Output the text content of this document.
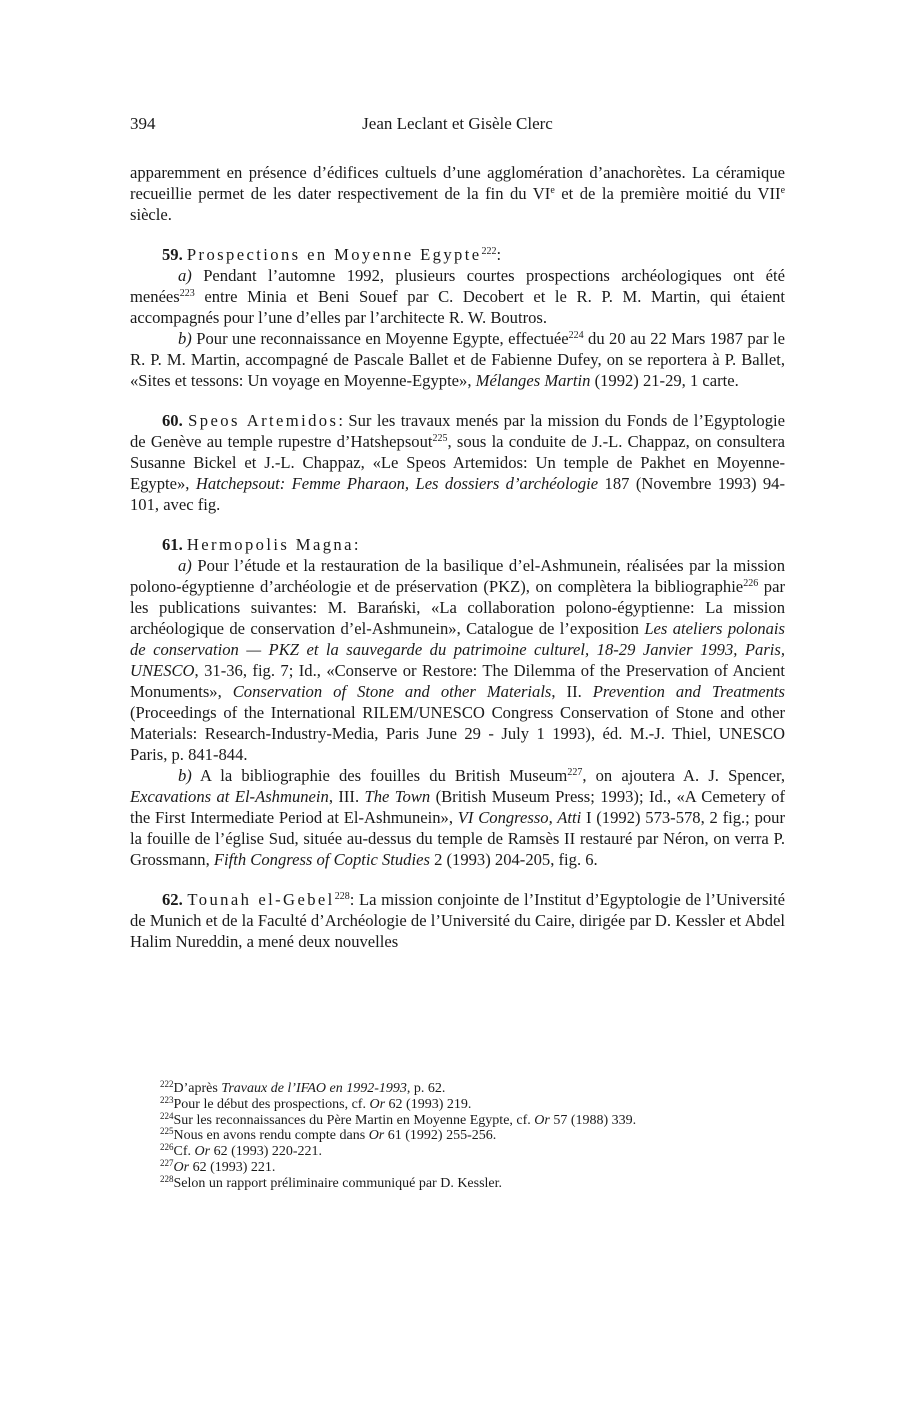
394	Jean Leclant et Gisèle Clerc

apparemment en présence d’édifices cultuels d’une agglomération d’anachorètes. La céramique recueillie permet de les dater respectivement de la fin du VIe et de la première moitié du VIIe siècle.

59. Prospections en Moyenne Egypte$^{222}$:

a) Pendant l’automne 1992, plusieurs courtes prospections archéologiques ont été menées$^{223}$ entre Minia et Beni Souef par C. Decobert et le R. P. M. Martin, qui étaient accompagnés pour l’une d’elles par l’architecte R. W. Boutros.

b) Pour une reconnaissance en Moyenne Egypte, effectuée$^{224}$ du 20 au 22 Mars 1987 par le R. P. M. Martin, accompagné de Pascale Ballet et de Fabienne Dufey, on se reportera à P. Ballet, «Sites et tessons: Un voyage en Moyenne-Egypte», Mélanges Martin (1992) 21-29, 1 carte.

60. Speos Artemidos: Sur les travaux menés par la mission du Fonds de l’Egyptologie de Genève au temple rupestre d’Hatshepsout$^{225}$, sous la conduite de J.-L. Chappaz, on consultera Susanne Bickel et J.-L. Chappaz, «Le Speos Artemidos: Un temple de Pakhet en Moyenne-Egypte», Hatchepsout: Femme Pharaon, Les dossiers d’archéologie 187 (Novembre 1993) 94-101, avec fig.

61. Hermopolis Magna:

a) Pour l’étude et la restauration de la basilique d’el-Ashmunein, réalisées par la mission polono-égyptienne d’archéologie et de préservation (PKZ), on complètera la bibliographie$^{226}$ par les publications suivantes: M. Barański, «La collaboration polono-égyptienne: La mission archéologique de conservation d’el-Ashmunein», Catalogue de l’exposition Les ateliers polonais de conservation — PKZ et la sauvegarde du patrimoine culturel, 18-29 Janvier 1993, Paris, UNESCO, 31-36, fig. 7; Id., «Conserve or Restore: The Dilemma of the Preservation of Ancient Monuments», Conservation of Stone and other Materials, II. Prevention and Treatments (Proceedings of the International RILEM/UNESCO Congress Conservation of Stone and other Materials: Research-Industry-Media, Paris June 29 - July 1 1993), éd. M.-J. Thiel, UNESCO Paris, p. 841-844.

b) A la bibliographie des fouilles du British Museum$^{227}$, on ajoutera A. J. Spencer, Excavations at El-Ashmunein, III. The Town (British Museum Press; 1993); Id., «A Cemetery of the First Intermediate Period at El-Ashmunein», VI Congresso, Atti I (1992) 573-578, 2 fig.; pour la fouille de l’église Sud, située au-dessus du temple de Ramsès II restauré par Néron, on verra P. Grossmann, Fifth Congress of Coptic Studies 2 (1993) 204-205, fig. 6.

62. Tounah el-Gebel$^{228}$: La mission conjointe de l’Institut d’Egyptologie de l’Université de Munich et de la Faculté d’Archéologie de l’Université du Caire, dirigée par D. Kessler et Abdel Halim Nureddin, a mené deux nouvelles

$^{222}$D’après Travaux de l’IFAO en 1992-1993, p. 62.

$^{223}$Pour le début des prospections, cf. Or 62 (1993) 219.

$^{224}$Sur les reconnaissances du Père Martin en Moyenne Egypte, cf. Or 57 (1988) 339.

$^{225}$Nous en avons rendu compte dans Or 61 (1992) 255-256.

$^{226}$Cf. Or 62 (1993) 220-221.

$^{227}$Or 62 (1993) 221.

$^{228}$Selon un rapport préliminaire communiqué par D. Kessler.
